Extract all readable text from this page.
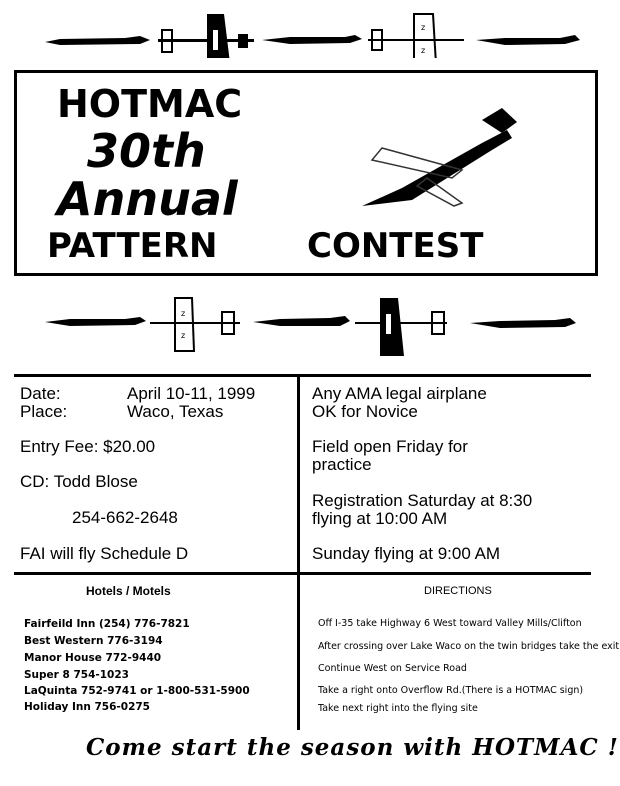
z
z
HOTMAC
30th
Annual
PATTERN	CONTEST
z
z
Date:	April 10-11, 1999
Place:	Waco, Texas
Entry Fee: $20.00
CD: Todd Blose
254-662-2648
FAI will fly Schedule D
Any AMA legal airplane
OK for Novice
Field open Friday for
practice
Registration Saturday at 8:30
flying at 10:00 AM
Sunday flying at 9:00 AM
Hotels / Motels
Fairfeild Inn (254) 776-7821
Best Western 776-3194
Manor House 772-9440
Super 8 754-1023
LaQuinta 752-9741 or 1-800-531-5900
Holiday Inn 756-0275
DIRECTIONS
Off I-35 take Highway 6 West toward Valley Mills/Clifton
After crossing over Lake Waco on the twin bridges take the exit
Continue West on Service Road
Take a right onto Overflow Rd.(There is a HOTMAC sign)
Take next right into the flying site
Come start the season with HOTMAC !
